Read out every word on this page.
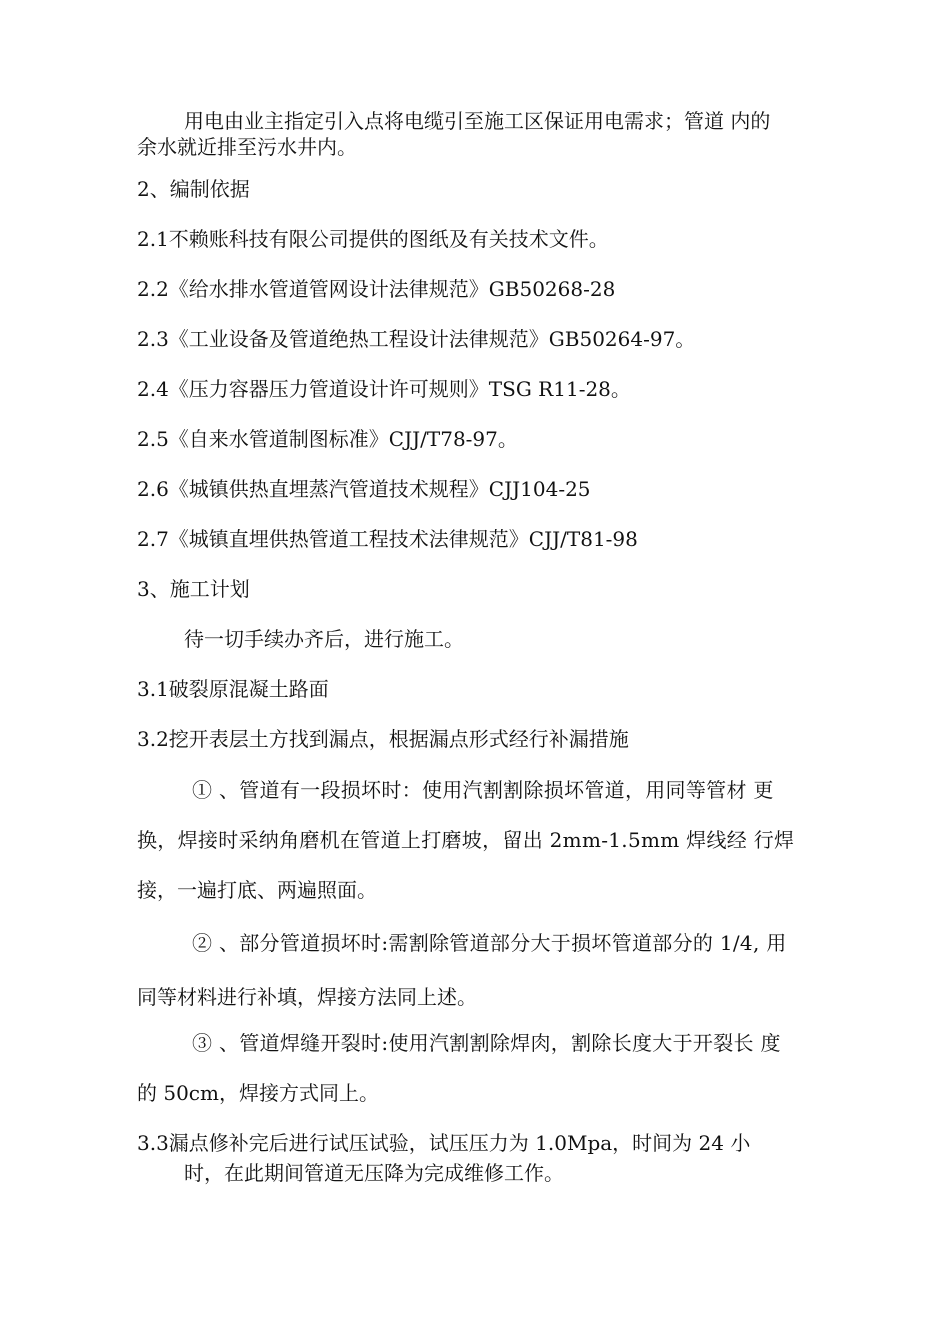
用电由业主指定引入点将电缆引至施工区保证用电需求；管道 内的
余水就近排至污水井内。
2、编制依据
2.1不赖账科技有限公司提供的图纸及有关技术文件。
2.2《给水排水管道管网设计法律规范》GB50268-28
2.3《工业设备及管道绝热工程设计法律规范》GB50264-97。
2.4《压力容器压力管道设计许可规则》TSG R11-28。
2.5《自来水管道制图标准》CJJ/T78-97。
2.6《城镇供热直埋蒸汽管道技术规程》CJJ104-25
2.7《城镇直埋供热管道工程技术法律规范》CJJ/T81-98
3、施工计划
待一切手续办齐后，进行施工。
3.1破裂原混凝土路面
3.2挖开表层土方找到漏点，根据漏点形式经行补漏措施
① 、管道有一段损坏时：使用汽割割除损坏管道，用同等管材 更
换，焊接时采纳角磨机在管道上打磨坡，留出 2mm-1.5mm 焊线经 行焊
接，一遍打底、两遍照面。
② 、部分管道损坏时:需割除管道部分大于损坏管道部分的 1/4, 用
同等材料进行补填，焊接方法同上述。
③ 、管道焊缝开裂时:使用汽割割除焊肉，割除长度大于开裂长 度
的 50cm，焊接方式同上。
3.3漏点修补完后进行试压试验，试压压力为 1.0Mpa，时间为 24 小
时，在此期间管道无压降为完成维修工作。
